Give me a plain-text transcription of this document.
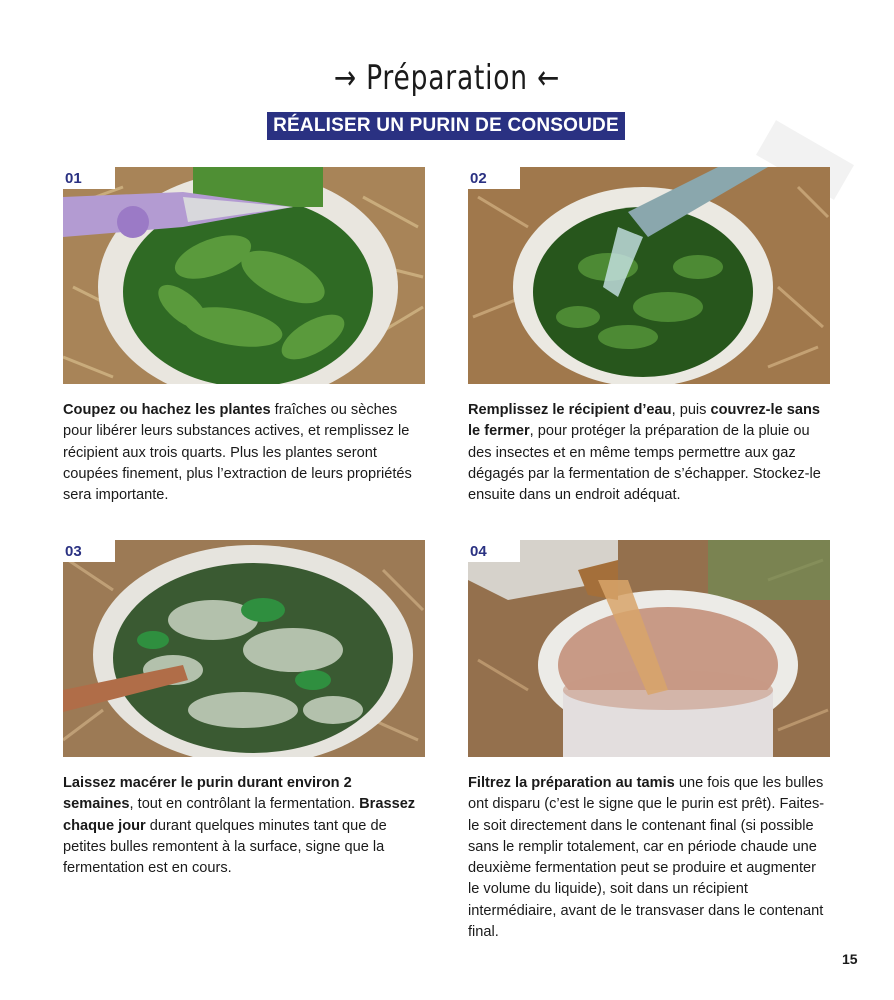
→ Préparation ←
RÉALISER UN PURIN DE CONSOUDE
01	02
Coupez ou hachez les plantes fraîches ou sèches pour libérer leurs substances actives, et remplissez le récipient aux trois quarts. Plus les plantes seront coupées finement, plus l’extraction de leurs propriétés sera importante.
Remplissez le récipient d’eau, puis couvrez-le sans le fermer, pour protéger la préparation de la pluie ou des insectes et en même temps permettre aux gaz dégagés par la fermentation de s’échapper. Stockez-le ensuite dans un endroit adéquat.
03	04
Laissez macérer le purin durant environ 2 semaines, tout en contrôlant la fermentation. Brassez chaque jour durant quelques minutes tant que de petites bulles remontent à la surface, signe que la fermentation est en cours.
Filtrez la préparation au tamis une fois que les bulles ont disparu (c’est le signe que le purin est prêt). Faites-le soit directement dans le contenant final (si possible sans le remplir totalement, car en période chaude une deuxième fermentation peut se produire et augmenter le volume du liquide), soit dans un récipient intermédiaire, avant de le transvaser dans le contenant final.
15
